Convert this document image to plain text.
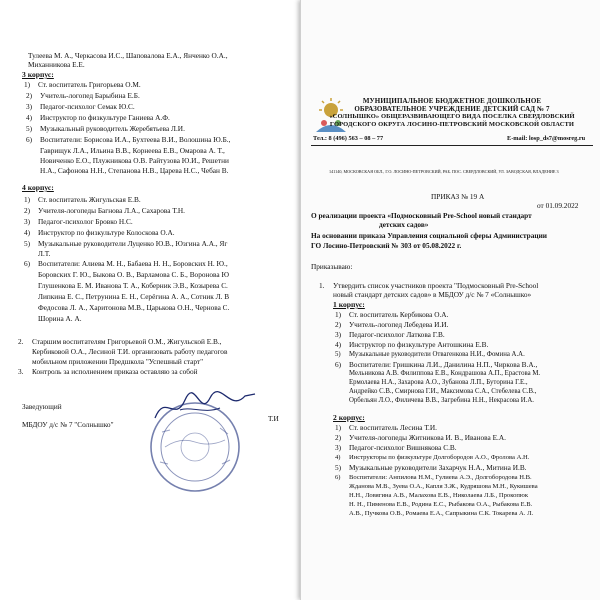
Тулеева М. А., Черкасова И.С., Шаповалова Е.А., Янченко О.А.,
Миханникова Е.Е.
3 корпус:
1) Ст. воспитатель Григорьева О.М.
2) Учитель-логопед Барыбина Е.Б.
3) Педагог-психолог Семак Ю.С.
4) Инструктор по физкультуре Ганиева А.Ф.
5) Музыкальный руководитель Жеребятьева Л.И.
6) Воспитатели: Борисова И.А., Бухтеева В.И., Волошина Ю.Б.,
Гаврищук Л.А., Ильина В.В., Корнеева Е.В., Омарова А. Т.,
Новиченко Е.О., Плужникова О.В. Райтузова Ю.И., Решетни
Н.А., Сафонова Н.Н., Степанова Н.В., Царева Н.С., Чебан В.
4 корпус:
1) Ст. воспитатель Жигульская Е.В.
2) Учителя-логопеды Багнова Л.А., Сахарова Т.Н.
3) Педагог-психолог Бровко Н.С.
4) Инструктор по физкультуре Колоскова О.А.
5) Музыкальные руководители Луценко Ю.В., Юзгина А.А., Яг
Л.Т.
6) Воспитатели: Алиева М. Н., Бабаева Н. Н., Боровских Н. Ю.,
Боровских Г. Ю., Быкова О. В., Варламова С. Б., Воронова Ю
Глушенкова Е. М. Иванова Т. А., Коберник Э.В., Козырева С.
Липкина Е. С., Петрунина Е. Н., Серёгина А. А., Сотник Л. В
Федосова Л. А., Харитонова М.В., Царькова О.Н., Чернова С.
Шорина А. А.
2. Старшим воспитателям Григорьевой О.М., Жигульской Е.В.,
Кербиковой О.А., Лесиной Т.И. организовать работу педагогов
мобильном приложении Предшкола "Успешный старт"
3. Контроль за исполнением приказа оставляю за собой
Заведующий
МБДОУ д/с № 7 "Солнышко"
Т.И
МУНИЦИПАЛЬНОЕ БЮДЖЕТНОЕ ДОШКОЛЬНОЕ
ОБРАЗОВАТЕЛЬНОЕ УЧРЕЖДЕНИЕ ДЕТСКИЙ САД № 7
«СОЛНЫШКО» ОБЩЕРАЗВИВАЮЩЕГО ВИДА ПОСЕЛКА СВЕРДЛОВСКИЙ
ГОРОДСКОГО ОКРУГА ЛОСИНО-ПЕТРОВСКИЙ МОСКОВСКОЙ ОБЛАСТИ
Тел.: 8 (496) 563 – 08 – 77	E-mail: losp_ds7@mosreg.ru
141140, МОСКОВСКАЯ ОБЛ., Г.О. ЛОСИНО-ПЕТРОВСКИЙ, РАБ. ПОС. СВЕРДЛОВСКИЙ, УЛ. ЗАВОДСКАЯ, ВЛАДЕНИЕ 3
ПРИКАЗ № 19 А
от 01.09.2022
О реализации проекта «Подмосковный Pre-School новый стандарт
детских садов»
На основании приказа Управления социальной сферы Администрации
ГО Лосино-Петровский № 303 от 05.08.2022 г.
Приказываю:
1. Утвердить список участников проекта "Подмосковный Pre-School
новый стандарт детских садов» в МБДОУ д/с № 7 «Солнышко»
1 корпус:
1) Ст. воспитатель Кербикова О.А.
2) Учитель-логопед Лебедева И.И.
3) Педагог-психолог Латкова Г.В.
4) Инструктор по физкультуре Антошкина Е.В.
5) Музыкальные руководители Отвагенкова Н.И., Фомина А.А.
6) Воспитатели: Гришкина Л.И., Данилина Н.П., Чиркова В.А.,
Мельникова А.В. Филиппова Е.В., Кондрашова А.П., Ерастова М.
Ермолаева Н.А., Захарова А.О., Зубанова Л.П., Буторина Г.Е.,
Андрейко С.В., Смирнова Г.И., Максимова С.А., Стебелева С.В.,
Орбельян Л.О., Филичева В.В., Загребина Н.Н., Некрасова И.А.
2 корпус:
1) Ст. воспитатель Лесина Т.И.
2) Учителя-логопеды Житникова И. В., Иванова Е.А.
3) Педагог-психолог Вишнякова С.В.
4) Инструкторы по физкультуре Долгобородов А.О., Фролова А.Н.
5) Музыкальные руководители Захарчук Н.А., Митина И.В.
6) Воспитатели: Анпилова Н.М., Гулиева А.Э., Долгобородова Н.В.
Жданова М.В., Зуева О.А., Капля З.Ж., Кудряшова М.Н., Кукишева
Н.Н., Ловягина А.В., Малахова Е.В., Николаева Л.Б., Прокопюк
Н. Н., Пименова Е.В., Родина Е.С., Рыбакова О.А., Рыбакова Е.В.
А.В., Пучкова О.В., Ромаева Е.А., Сапрыкина С.К. Токарева А. Л.
